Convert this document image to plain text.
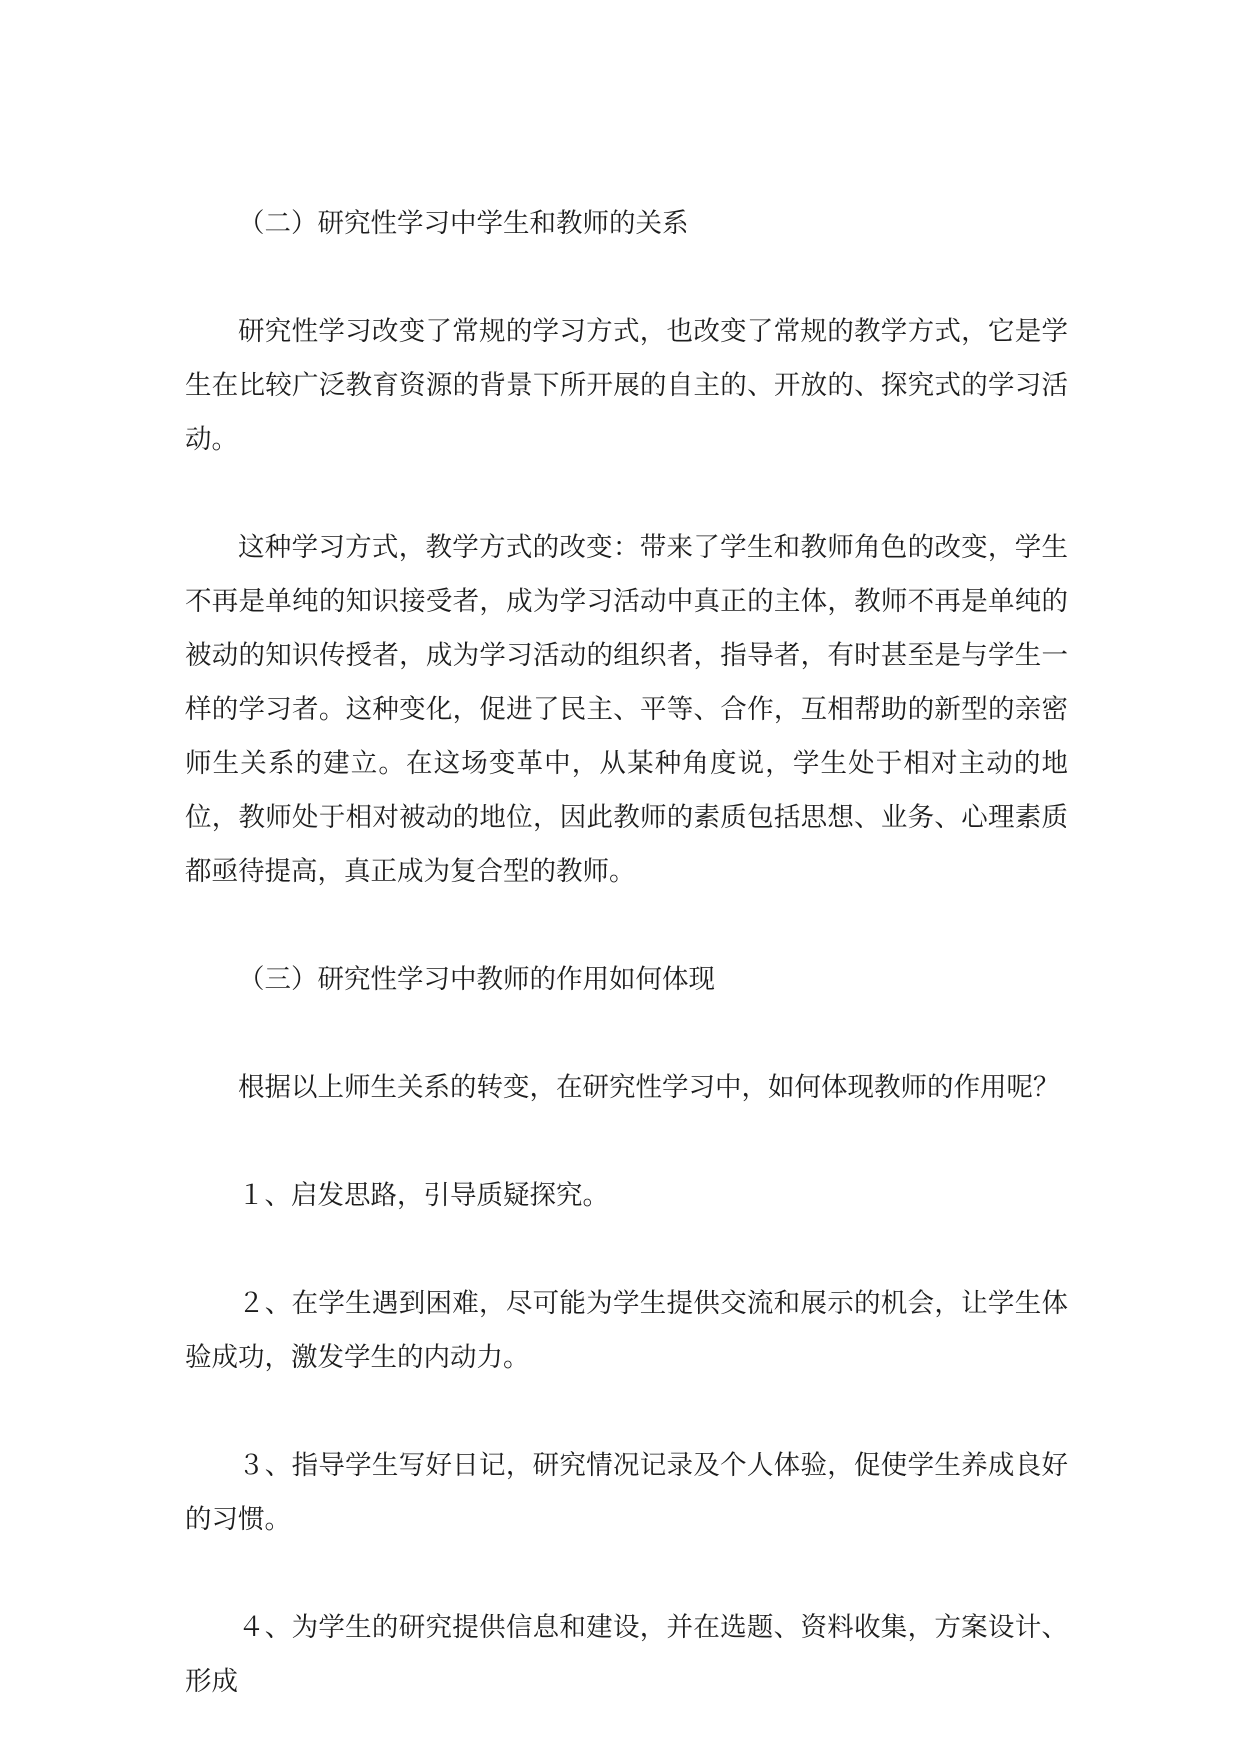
（二）研究性学习中学生和教师的关系

研究性学习改变了常规的学习方式，也改变了常规的教学方式，它是学生在比较广泛教育资源的背景下所开展的自主的、开放的、探究式的学习活动。

这种学习方式，教学方式的改变：带来了学生和教师角色的改变，学生不再是单纯的知识接受者，成为学习活动中真正的主体，教师不再是单纯的被动的知识传授者，成为学习活动的组织者，指导者，有时甚至是与学生一样的学习者。这种变化，促进了民主、平等、合作，互相帮助的新型的亲密师生关系的建立。在这场变革中，从某种角度说，学生处于相对主动的地位，教师处于相对被动的地位，因此教师的素质包括思想、业务、心理素质都亟待提高，真正成为复合型的教师。

（三）研究性学习中教师的作用如何体现

根据以上师生关系的转变，在研究性学习中，如何体现教师的作用呢？

１、启发思路，引导质疑探究。

２、在学生遇到困难，尽可能为学生提供交流和展示的机会，让学生体验成功，激发学生的内动力。

３、指导学生写好日记，研究情况记录及个人体验，促使学生养成良好的习惯。

４、为学生的研究提供信息和建设，并在选题、资料收集，方案设计、形成
